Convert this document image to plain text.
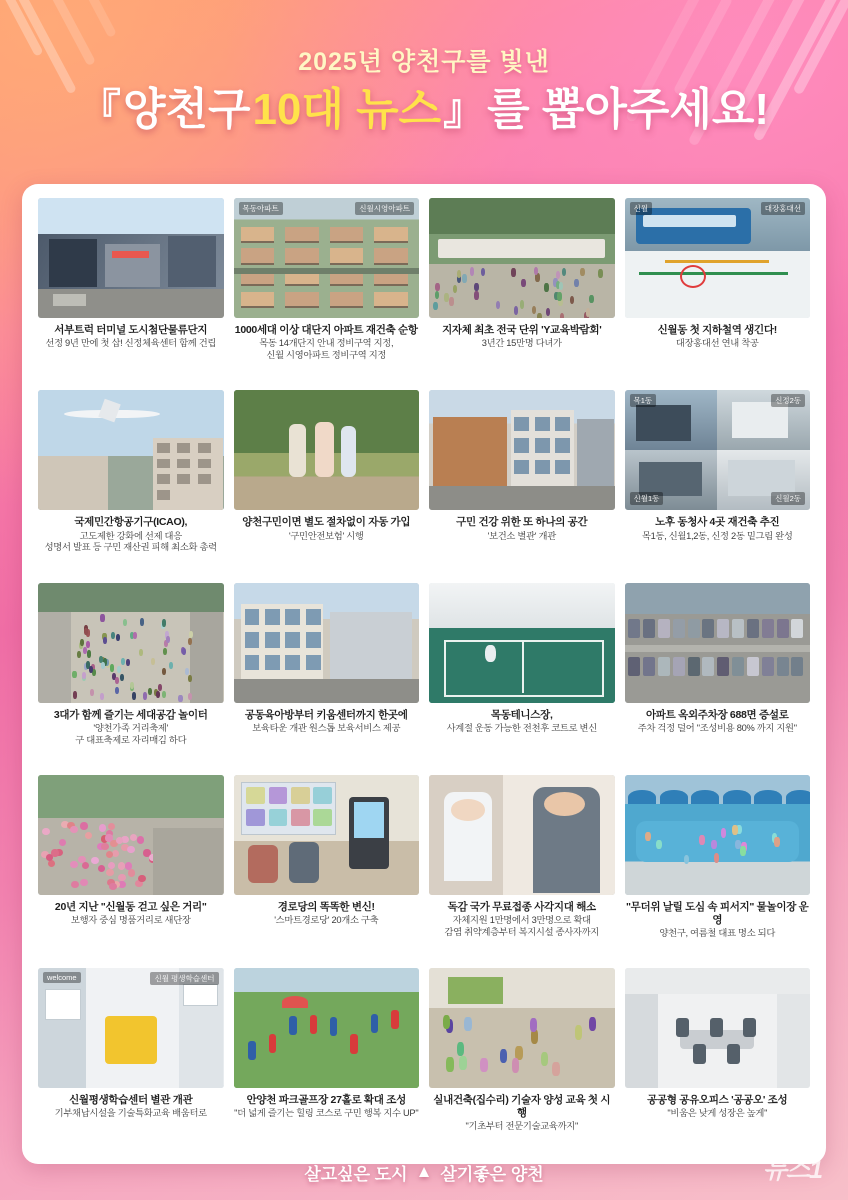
2025년 양천구를 빛낸
『 양천구 10대 뉴스 』 를 뽑아주세요!
서부트럭 터미널 도시첨단물류단지
선정 9년 만에 첫 삽! 신정체육센터 함께 건립
목동아파트	신월시영아파트
1000세대 이상 대단지 아파트 재건축 순항
목동 14개단지 안내 정비구역 지정,
신월 시영아파트 정비구역 지정
지자체 최초 전국 단위 'Y교육박람회'
3년간 15만명 다녀가
신월	대장홍대선
신월동 첫 지하철역 생긴다!
대장홍대선 연내 착공
국제민간항공기구(ICAO),
고도제한 강화에 선제 대응
성명서 발표 등 구민 재산권 피해 최소화 총력
양천구민이면 별도 절차없이 자동 가입
'구민안전보험' 시행
구민 건강 위한 또 하나의 공간
'보건소 별관' 개관
목1동	신정2동
신월1동	신월2동
노후 동청사 4곳 재건축 추진
목1동, 신월1,2동, 신정 2동 밑그림 완성
3대가 함께 즐기는 세대공감 놀이터
'양천가족 거리축제'
구 대표축제로 자리매김 하다
공동육아방부터 키움센터까지 한곳에
보육타운 개관 원스톱 보육서비스 제공
목동테니스장,
사계절 운동 가능한 전천후 코트로 변신
아파트 옥외주차장 688면 증설로
주차 걱정 덜어 "조성비용 80% 까지 지원"
20년 지난 "신월동 걷고 싶은 거리"
보행자 중심 명품거리로 새단장
경로당의 똑똑한 변신!
'스마트경로당' 20개소 구축
독감 국가 무료접종 사각지대 해소
자체지원 1만명에서 3만명으로 확대
감염 취약계층부터 복지시설 종사자까지
"무더위 날릴 도심 속 피서지" 물놀이장 운영
양천구, 여름철 대표 명소 되다
welcome	신월 평생학습센터
신월평생학습센터 별관 개관
기부채납시설을 기술특화교육 배움터로
안양천 파크골프장 27홀로 확대 조성
"더 넓게 즐기는 힐링 코스로 구민 행복 지수 UP"
실내건축(집수리) 기술자 양성 교육 첫 시행
"기초부터 전문기술교육까지"
공공형 공유오피스 '공공오' 조성
"비움은 낮게 성장은 높게"
살고싶은 도시 ▲ 살기좋은 양천	뉴스1
